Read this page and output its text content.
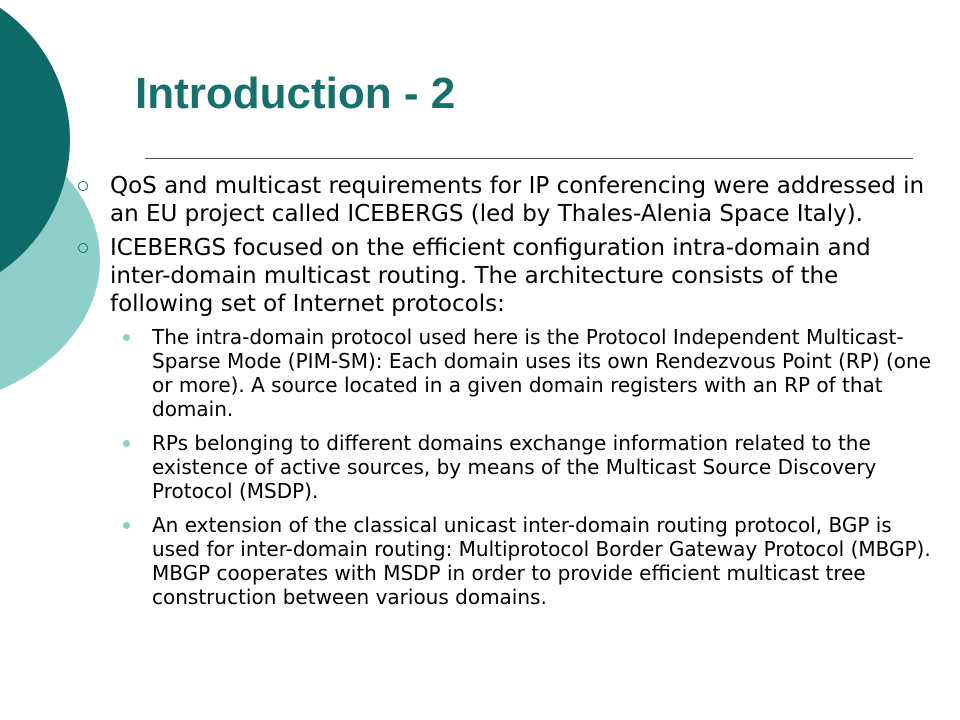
Introduction - 2
QoS and multicast requirements for IP conferencing were addressed in an EU project called ICEBERGS (led by Thales-Alenia Space Italy).
ICEBERGS focused on the efficient configuration intra-domain and inter-domain multicast routing. The architecture consists of the following set of Internet protocols:
The intra-domain protocol used here is the Protocol Independent Multicast-Sparse Mode (PIM-SM): Each domain uses its own Rendezvous Point (RP) (one or more). A source located in a given domain registers with an RP of that domain.
RPs belonging to different domains exchange information related to the existence of active sources, by means of the Multicast Source Discovery Protocol (MSDP).
An extension of the classical unicast inter-domain routing protocol, BGP is used for inter-domain routing: Multiprotocol Border Gateway Protocol (MBGP). MBGP cooperates with MSDP in order to provide efficient multicast tree construction between various domains.
